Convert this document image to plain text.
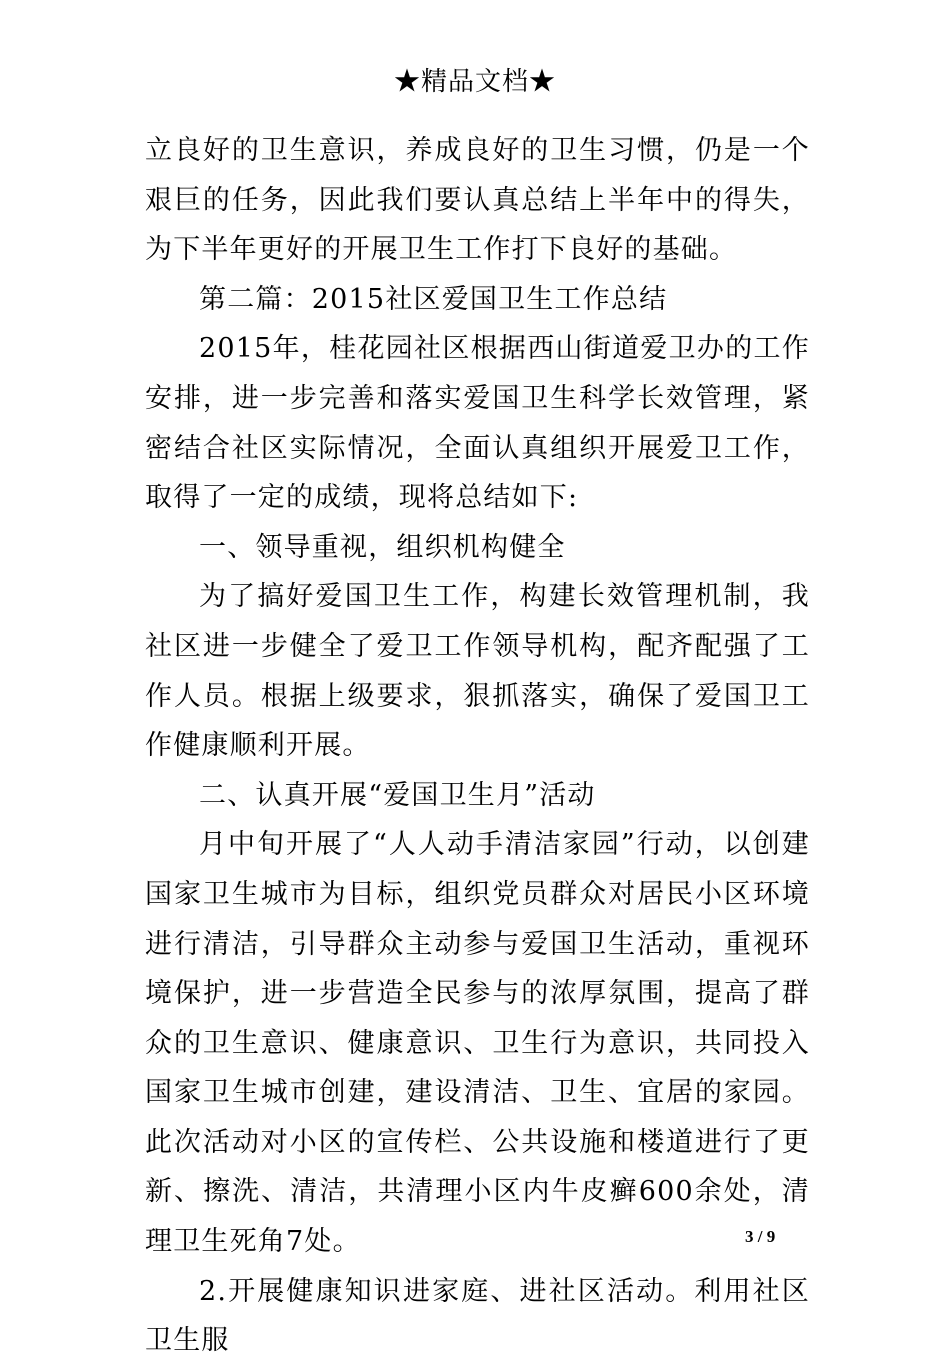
★精品文档★

立良好的卫生意识，养成良好的卫生习惯，仍是一个艰巨的任务，因此我们要认真总结上半年中的得失，为下半年更好的开展卫生工作打下良好的基础。

第二篇：2015社区爱国卫生工作总结

2015年，桂花园社区根据西山街道爱卫办的工作安排，进一步完善和落实爱国卫生科学长效管理，紧密结合社区实际情况，全面认真组织开展爱卫工作，取得了一定的成绩，现将总结如下:

一、领导重视，组织机构健全

为了搞好爱国卫生工作，构建长效管理机制，我社区进一步健全了爱卫工作领导机构，配齐配强了工作人员。根据上级要求，狠抓落实，确保了爱国卫工作健康顺利开展。

二、认真开展“爱国卫生月”活动

月中旬开展了“人人动手清洁家园”行动，以创建国家卫生城市为目标，组织党员群众对居民小区环境进行清洁，引导群众主动参与爱国卫生活动，重视环境保护，进一步营造全民参与的浓厚氛围，提高了群众的卫生意识、健康意识、卫生行为意识，共同投入国家卫生城市创建，建设清洁、卫生、宜居的家园。此次活动对小区的宣传栏、公共设施和楼道进行了更新、擦洗、清洁，共清理小区内牛皮癣600余处，清理卫生死角7处。

2.开展健康知识进家庭、进社区活动。利用社区卫生服

3 / 9
